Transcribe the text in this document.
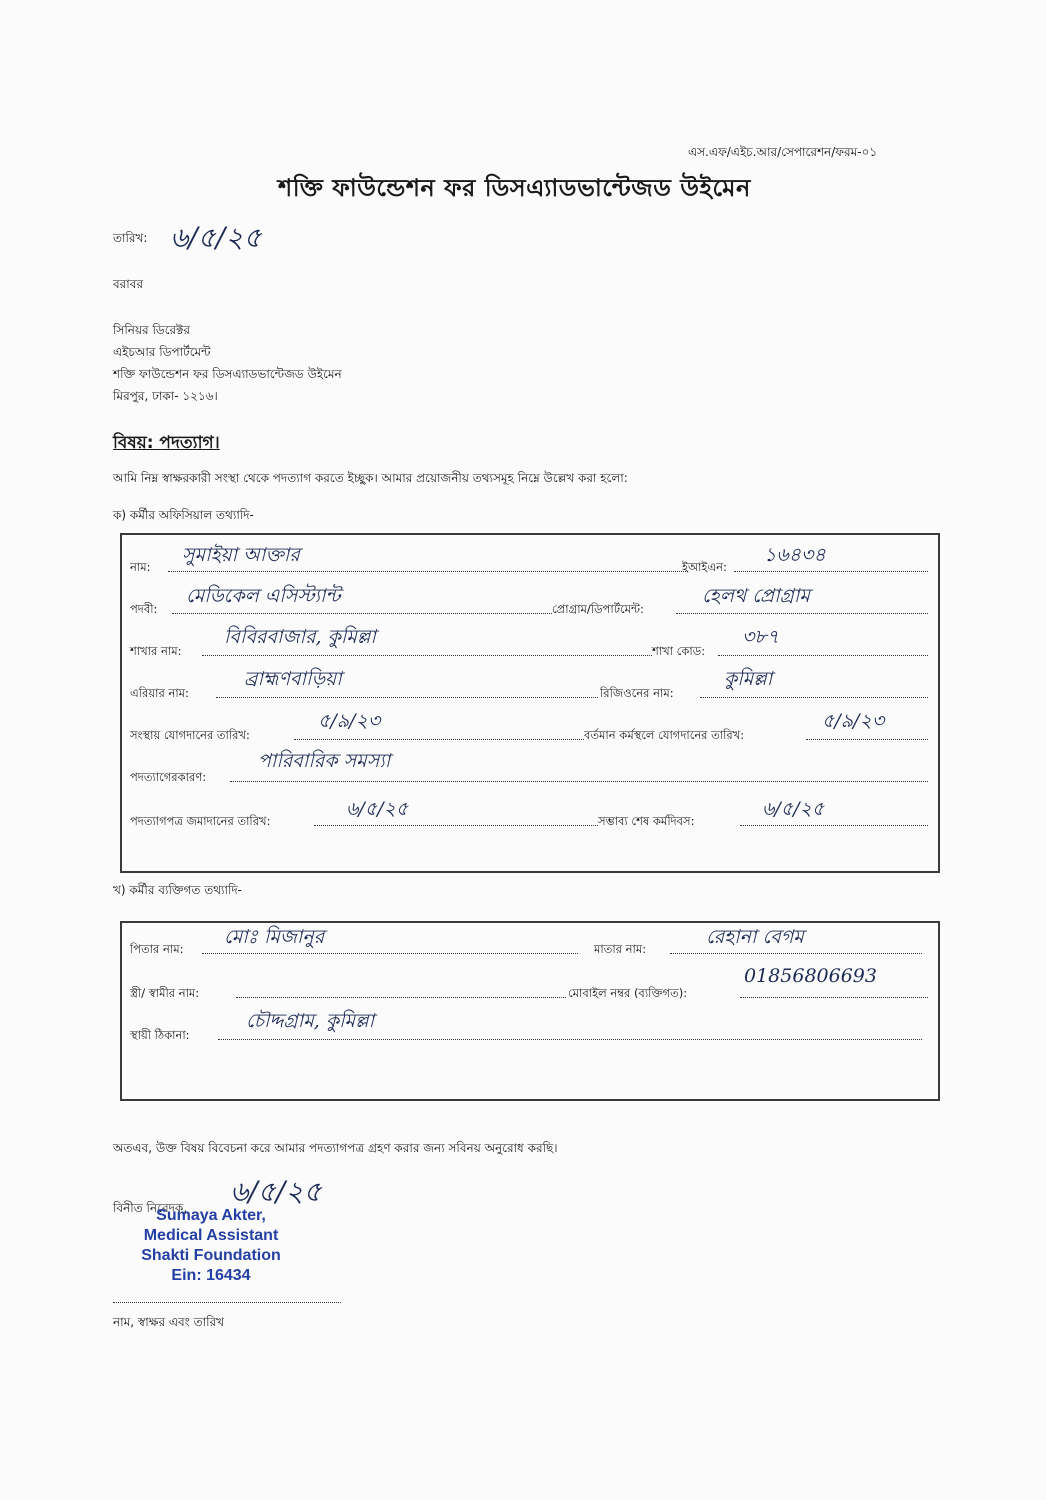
এস.এফ/এইচ.আর/সেপারেশন/ফরম-০১
শক্তি ফাউন্ডেশন ফর ডিসএ্যাডভান্টেজড উইমেন
তারিখ: ৬/৫/২৫
বরাবর
সিনিয়র ডিরেক্টর
এইচআর ডিপার্টমেন্ট
শক্তি ফাউন্ডেশন ফর ডিসএ্যাডভান্টেজড উইমেন
মিরপুর, ঢাকা- ১২১৬।
বিষয়: পদত্যাগ।
আমি নিম্ন স্বাক্ষরকারী সংস্থা থেকে পদত্যাগ করতে ইচ্ছুক। আমার প্রয়োজনীয় তথ্যসমূহ নিম্নে উল্লেখ করা হলো:
ক) কর্মীর অফিসিয়াল তথ্যাদি-
নাম:
সুমাইয়া আক্তার
ইআইএন:
১৬৪৩৪
পদবী:
মেডিকেল এসিস্ট্যান্ট
প্রোগ্রাম/ডিপার্টমেন্ট:
হেলথ প্রোগ্রাম
শাখার নাম:
বিবিরবাজার, কুমিল্লা
শাখা কোড:
৩৮৭
এরিয়ার নাম:
ব্রাহ্মণবাড়িয়া
রিজিওনের নাম:
কুমিল্লা
সংস্থায় যোগদানের তারিখ:
৫/৯/২৩
বর্তমান কর্মস্থলে যোগদানের তারিখ:
৫/৯/২৩
পদত্যাগেরকারণ:
পারিবারিক সমস্যা
পদত্যাগপত্র জমাদানের তারিখ:
৬/৫/২৫
সম্ভাব্য শেষ কর্মদিবস:
৬/৫/২৫
খ) কর্মীর ব্যক্তিগত তথ্যাদি-
পিতার নাম:
মোঃ মিজানুর
মাতার নাম:
রেহানা বেগম
স্ত্রী/ স্বামীর নাম:	মোবাইল নম্বর (ব্যক্তিগত):
01856806693
স্থায়ী ঠিকানা:
চৌদ্দগ্রাম, কুমিল্লা
অতএব, উক্ত বিষয় বিবেচনা করে আমার পদত্যাগপত্র গ্রহণ করার জন্য সবিনয় অনুরোধ করছি।
বিনীত নিবেদক, ৬/৫/২৫
Sumaya Akter,
Medical Assistant
Shakti Foundation
Ein: 16434
নাম, স্বাক্ষর এবং তারিখ
